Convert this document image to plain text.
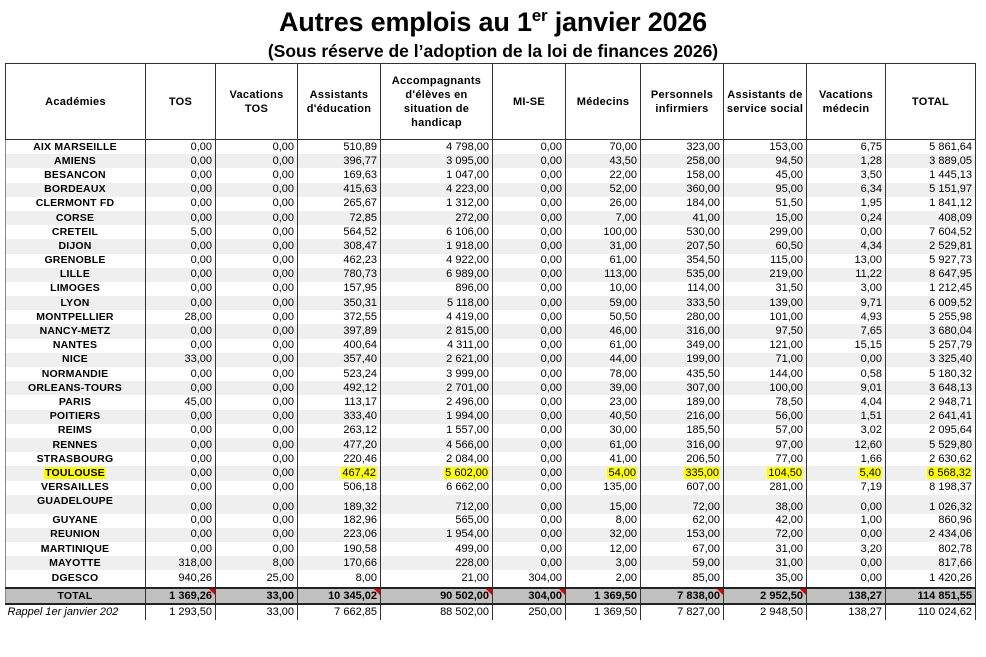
Autres emplois au 1er janvier 2026
(Sous réserve de l’adoption de la loi de finances 2026)
Académies	TOS	Vacations TOS	Assistants d'éducation	Accompagnants d'élèves en situation de handicap	MI-SE	Médecins	Personnels infirmiers	Assistants de service social	Vacations médecin	TOTAL
AIX MARSEILLE	0,00	0,00	510,89	4 798,00	0,00	70,00	323,00	153,00	6,75	5 861,64
AMIENS	0,00	0,00	396,77	3 095,00	0,00	43,50	258,00	94,50	1,28	3 889,05
BESANCON	0,00	0,00	169,63	1 047,00	0,00	22,00	158,00	45,00	3,50	1 445,13
BORDEAUX	0,00	0,00	415,63	4 223,00	0,00	52,00	360,00	95,00	6,34	5 151,97
CLERMONT FD	0,00	0,00	265,67	1 312,00	0,00	26,00	184,00	51,50	1,95	1 841,12
CORSE	0,00	0,00	72,85	272,00	0,00	7,00	41,00	15,00	0,24	408,09
CRETEIL	5,00	0,00	564,52	6 106,00	0,00	100,00	530,00	299,00	0,00	7 604,52
DIJON	0,00	0,00	308,47	1 918,00	0,00	31,00	207,50	60,50	4,34	2 529,81
GRENOBLE	0,00	0,00	462,23	4 922,00	0,00	61,00	354,50	115,00	13,00	5 927,73
LILLE	0,00	0,00	780,73	6 989,00	0,00	113,00	535,00	219,00	11,22	8 647,95
LIMOGES	0,00	0,00	157,95	896,00	0,00	10,00	114,00	31,50	3,00	1 212,45
LYON	0,00	0,00	350,31	5 118,00	0,00	59,00	333,50	139,00	9,71	6 009,52
MONTPELLIER	28,00	0,00	372,55	4 419,00	0,00	50,50	280,00	101,00	4,93	5 255,98
NANCY-METZ	0,00	0,00	397,89	2 815,00	0,00	46,00	316,00	97,50	7,65	3 680,04
NANTES	0,00	0,00	400,64	4 311,00	0,00	61,00	349,00	121,00	15,15	5 257,79
NICE	33,00	0,00	357,40	2 621,00	0,00	44,00	199,00	71,00	0,00	3 325,40
NORMANDIE	0,00	0,00	523,24	3 999,00	0,00	78,00	435,50	144,00	0,58	5 180,32
ORLEANS-TOURS	0,00	0,00	492,12	2 701,00	0,00	39,00	307,00	100,00	9,01	3 648,13
PARIS	45,00	0,00	113,17	2 496,00	0,00	23,00	189,00	78,50	4,04	2 948,71
POITIERS	0,00	0,00	333,40	1 994,00	0,00	40,50	216,00	56,00	1,51	2 641,41
REIMS	0,00	0,00	263,12	1 557,00	0,00	30,00	185,50	57,00	3,02	2 095,64
RENNES	0,00	0,00	477,20	4 566,00	0,00	61,00	316,00	97,00	12,60	5 529,80
STRASBOURG	0,00	0,00	220,46	2 084,00	0,00	41,00	206,50	77,00	1,66	2 630,62
TOULOUSE	0,00	0,00	467,42	5 602,00	0,00	54,00	335,00	104,50	5,40	6 568,32
VERSAILLES	0,00	0,00	506,18	6 662,00	0,00	135,00	607,00	281,00	7,19	8 198,37
GUADELOUPE	0,00	0,00	189,32	712,00	0,00	15,00	72,00	38,00	0,00	1 026,32
GUYANE	0,00	0,00	182,96	565,00	0,00	8,00	62,00	42,00	1,00	860,96
REUNION	0,00	0,00	223,06	1 954,00	0,00	32,00	153,00	72,00	0,00	2 434,06
MARTINIQUE	0,00	0,00	190,58	499,00	0,00	12,00	67,00	31,00	3,20	802,78
MAYOTTE	318,00	8,00	170,66	228,00	0,00	3,00	59,00	31,00	0,00	817,66
DGESCO	940,26	25,00	8,00	21,00	304,00	2,00	85,00	35,00	0,00	1 420,26
TOTAL	1 369,26	33,00	10 345,02	90 502,00	304,00	1 369,50	7 838,00	2 952,50	138,27	114 851,55
Rappel 1er janvier 202	1 293,50	33,00	7 662,85	88 502,00	250,00	1 369,50	7 827,00	2 948,50	138,27	110 024,62
